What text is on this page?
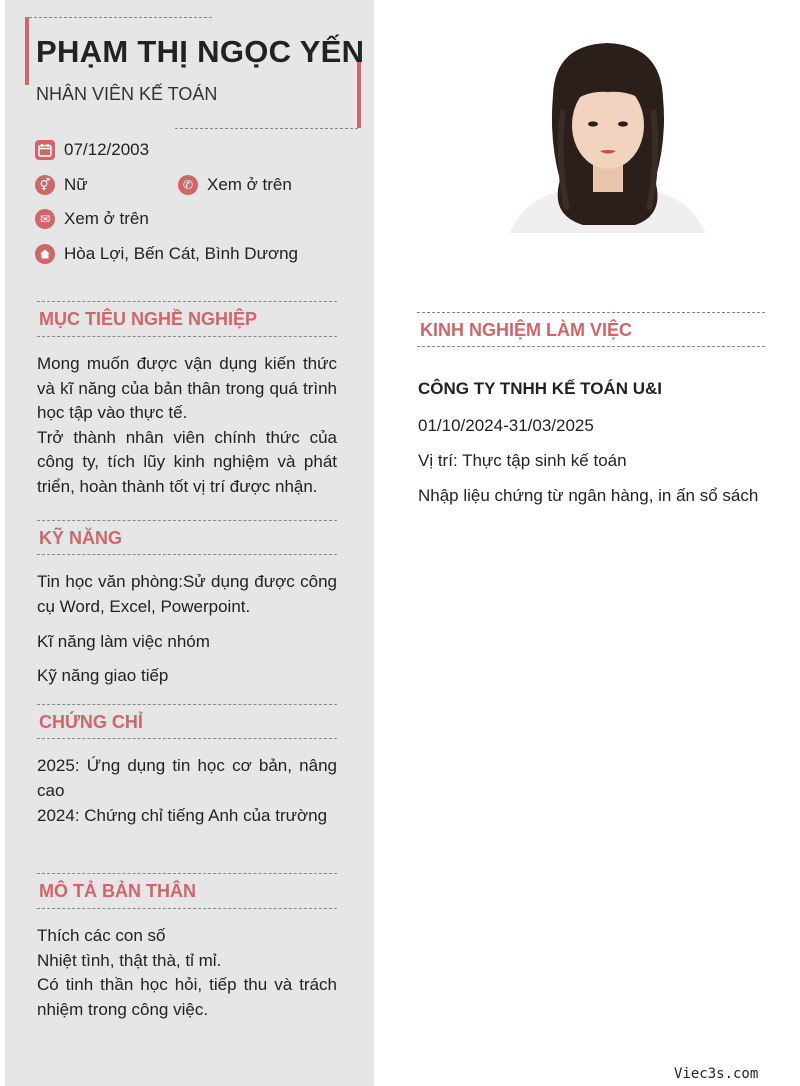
PHẠM THỊ NGỌC YẾN
NHÂN VIÊN KẾ TOÁN
07/12/2003
⚥ Nữ	✆ Xem ở trên
✉ Xem ở trên
Hòa Lợi, Bến Cát, Bình Dương
MỤC TIÊU NGHỀ NGHIỆP

Mong muốn được vận dụng kiến thức và kĩ năng của bản thân trong quá trình học tập vào thực tế.

Trở thành nhân viên chính thức của công ty, tích lũy kinh nghiệm và phát triển, hoàn thành tốt vị trí được nhận.

KỸ NĂNG
Tin học văn phòng:Sử dụng được công cụ Word, Excel, Powerpoint.
Kĩ năng làm việc nhóm
Kỹ năng giao tiếp
CHỨNG CHỈ
2025: Ứng dụng tin học cơ bản, nâng cao
2024: Chứng chỉ tiếng Anh của trường
MÔ TẢ BẢN THÂN

Thích các con số

Nhiệt tình, thật thà, tỉ mỉ.

Có tinh thần học hỏi, tiếp thu và trách nhiệm trong công việc.

KINH NGHIỆM LÀM VIỆC
CÔNG TY TNHH KẾ TOÁN U&I
01/10/2024-31/03/2025
Vị trí: Thực tập sinh kế toán
Nhập liệu chứng từ ngân hàng, in ấn sổ sách
Viec3s.com
